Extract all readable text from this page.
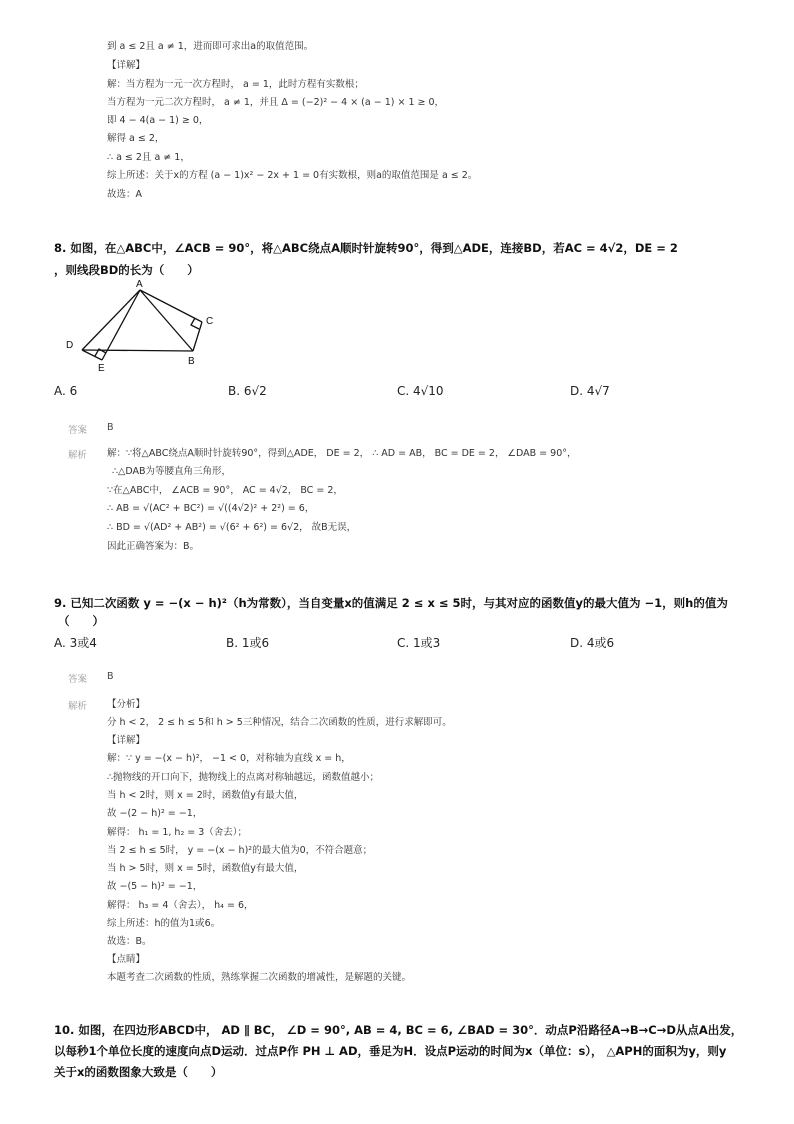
到 a ≤ 2且 a ≠ 1，进而即可求出a的取值范围。
【详解】
解：当方程为一元一次方程时， a = 1，此时方程有实数根；
当方程为一元二次方程时， a ≠ 1，并且 Δ = (−2)² − 4 × (a − 1) × 1 ≥ 0，
即 4 − 4(a − 1) ≥ 0，
解得 a ≤ 2，
∴ a ≤ 2且 a ≠ 1，
综上所述：关于x的方程 (a − 1)x² − 2x + 1 = 0有实数根，则a的取值范围是 a ≤ 2。
故选：A
8. 如图，在△ABC中，∠ACB = 90°，将△ABC绕点A顺时针旋转90°，得到△ADE，连接BD，若AC = 4√2，DE = 2
，则线段BD的长为（　　）
A
C
D
B
E
A. 6	B. 6√2	C. 4√10	D. 4√7
答案 B
解析 解：∵将△ABC绕点A顺时针旋转90°，得到△ADE， DE = 2， ∴ AD = AB， BC = DE = 2， ∠DAB = 90°，
∴△DAB为等腰直角三角形，
∵在△ABC中， ∠ACB = 90°， AC = 4√2， BC = 2，
∴ AB = √(AC² + BC²) = √((4√2)² + 2²) = 6，
∴ BD = √(AD² + AB²) = √(6² + 6²) = 6√2， 故B无误，
因此正确答案为：B。
9. 已知二次函数 y = −(x − h)²（h为常数），当自变量x的值满足 2 ≤ x ≤ 5时，与其对应的函数值y的最大值为 −1，则h的值为
（　　）
A. 3或4	B. 1或6	C. 1或3	D. 4或6
答案 B
解析 【分析】
分 h < 2， 2 ≤ h ≤ 5和 h > 5三种情况，结合二次函数的性质，进行求解即可。
【详解】
解：∵ y = −(x − h)²， −1 < 0，对称轴为直线 x = h，
∴抛物线的开口向下，抛物线上的点离对称轴越远，函数值越小；
当 h < 2时，则 x = 2时，函数值y有最大值，
故 −(2 − h)² = −1，
解得： h₁ = 1, h₂ = 3（舍去）；
当 2 ≤ h ≤ 5时， y = −(x − h)²的最大值为0，不符合题意；
当 h > 5时，则 x = 5时，函数值y有最大值，
故 −(5 − h)² = −1，
解得： h₃ = 4（舍去）， h₄ = 6，
综上所述：h的值为1或6。
故选：B。
【点睛】
本题考查二次函数的性质，熟练掌握二次函数的增减性，是解题的关键。
10. 如图，在四边形ABCD中， AD ∥ BC， ∠D = 90°, AB = 4, BC = 6, ∠BAD = 30°．动点P沿路径A→B→C→D从点A出发，
以每秒1个单位长度的速度向点D运动．过点P作 PH ⊥ AD，垂足为H．设点P运动的时间为x（单位：s）， △APH的面积为y，则y
关于x的函数图象大致是（　　）
